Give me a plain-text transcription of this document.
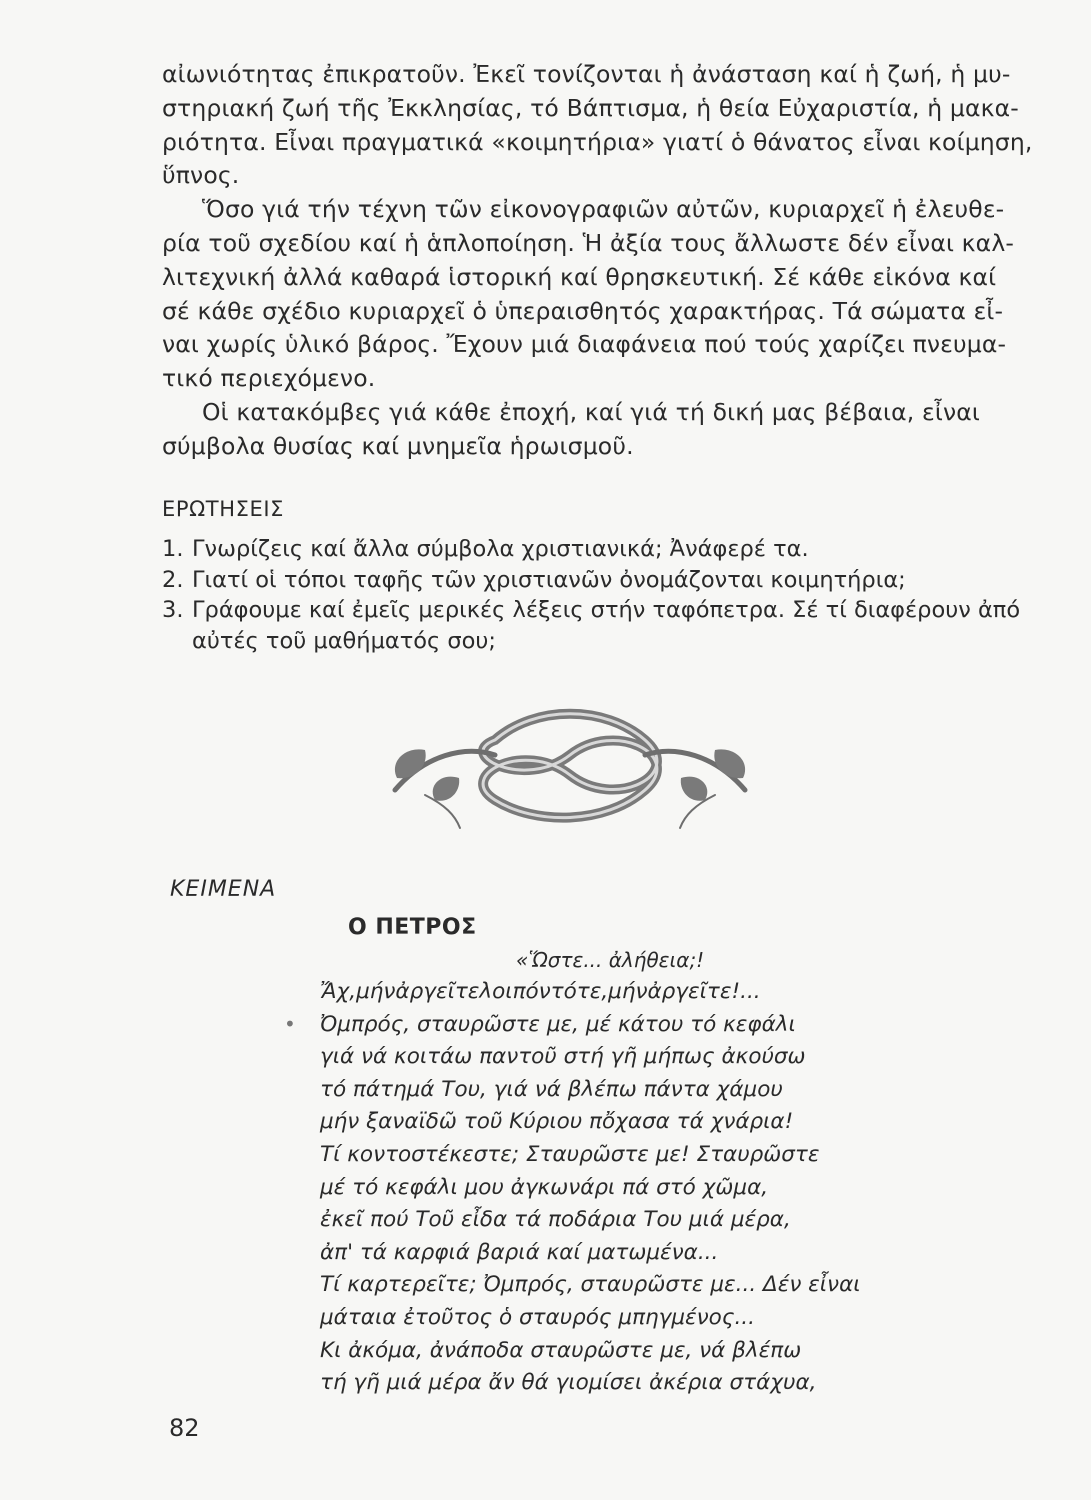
αἰωνιότητας ἐπικρατοῦν. Ἐκεῖ τονίζονται ἡ ἀνάσταση καί ἡ ζωή, ἡ μυ-
στηριακή ζωή τῆς Ἐκκλησίας, τό Βάπτισμα, ἡ θεία Εὐχαριστία, ἡ μακα-
ριότητα. Εἶναι πραγματικά «κοιμητήρια» γιατί ὁ θάνατος εἶναι κοίμηση,
ὕπνος.

Ὅσο γιά τήν τέχνη τῶν εἰκονογραφιῶν αὐτῶν, κυριαρχεῖ ἡ ἐλευθε-
ρία τοῦ σχεδίου καί ἡ ἁπλοποίηση. Ἡ ἀξία τους ἄλλωστε δέν εἶναι καλ-
λιτεχνική ἀλλά καθαρά ἱστορική καί θρησκευτική. Σέ κάθε εἰκόνα καί
σέ κάθε σχέδιο κυριαρχεῖ ὁ ὑπεραισθητός χαρακτήρας. Τά σώματα εἶ-
ναι χωρίς ὑλικό βάρος. Ἔχουν μιά διαφάνεια πού τούς χαρίζει πνευμα-
τικό περιεχόμενο.

Οἱ κατακόμβες γιά κάθε ἐποχή, καί γιά τή δική μας βέβαια, εἶναι
σύμβολα θυσίας καί μνημεῖα ἡρωισμοῦ.

ΕΡΩΤΗΣΕΙΣ
1. Γνωρίζεις καί ἄλλα σύμβολα χριστιανικά; Ἀνάφερέ τα.
2. Γιατί οἱ τόποι ταφῆς τῶν χριστιανῶν ὀνομάζονται κοιμητήρια;
3. Γράφουμε καί ἐμεῖς μερικές λέξεις στήν ταφόπετρα. Σέ τί διαφέρουν ἀπό
αὐτές τοῦ μαθήματός σου;
ΚΕΙΜΕΝΑ
Ο ΠΕΤΡΟΣ
«Ὥστε... ἀλήθεια;!
•
Ἄχ,μήνἀργεῖτελοιπόντότε,μήνἀργεῖτε!...
Ὀμπρός, σταυρῶστε με, μέ κάτου τό κεφάλι
γιά νά κοιτάω παντοῦ στή γῆ μήπως ἀκούσω
τό πάτημά Του, γιά νά βλέπω πάντα χάμου
μήν ξαναϊδῶ τοῦ Κύριου πὄχασα τά χνάρια!
Τί κοντοστέκεστε; Σταυρῶστε με! Σταυρῶστε
μέ τό κεφάλι μου ἀγκωνάρι πά στό χῶμα,
ἐκεῖ πού Τοῦ εἶδα τά ποδάρια Του μιά μέρα,
ἀπ' τά καρφιά βαριά καί ματωμένα...
Τί καρτερεῖτε; Ὀμπρός, σταυρῶστε με... Δέν εἶναι
μάταια ἐτοῦτος ὁ σταυρός μπηγμένος...
Κι ἀκόμα, ἀνάποδα σταυρῶστε με, νά βλέπω
τή γῆ μιά μέρα ἄν θά γιομίσει ἀκέρια στάχυα,
82
